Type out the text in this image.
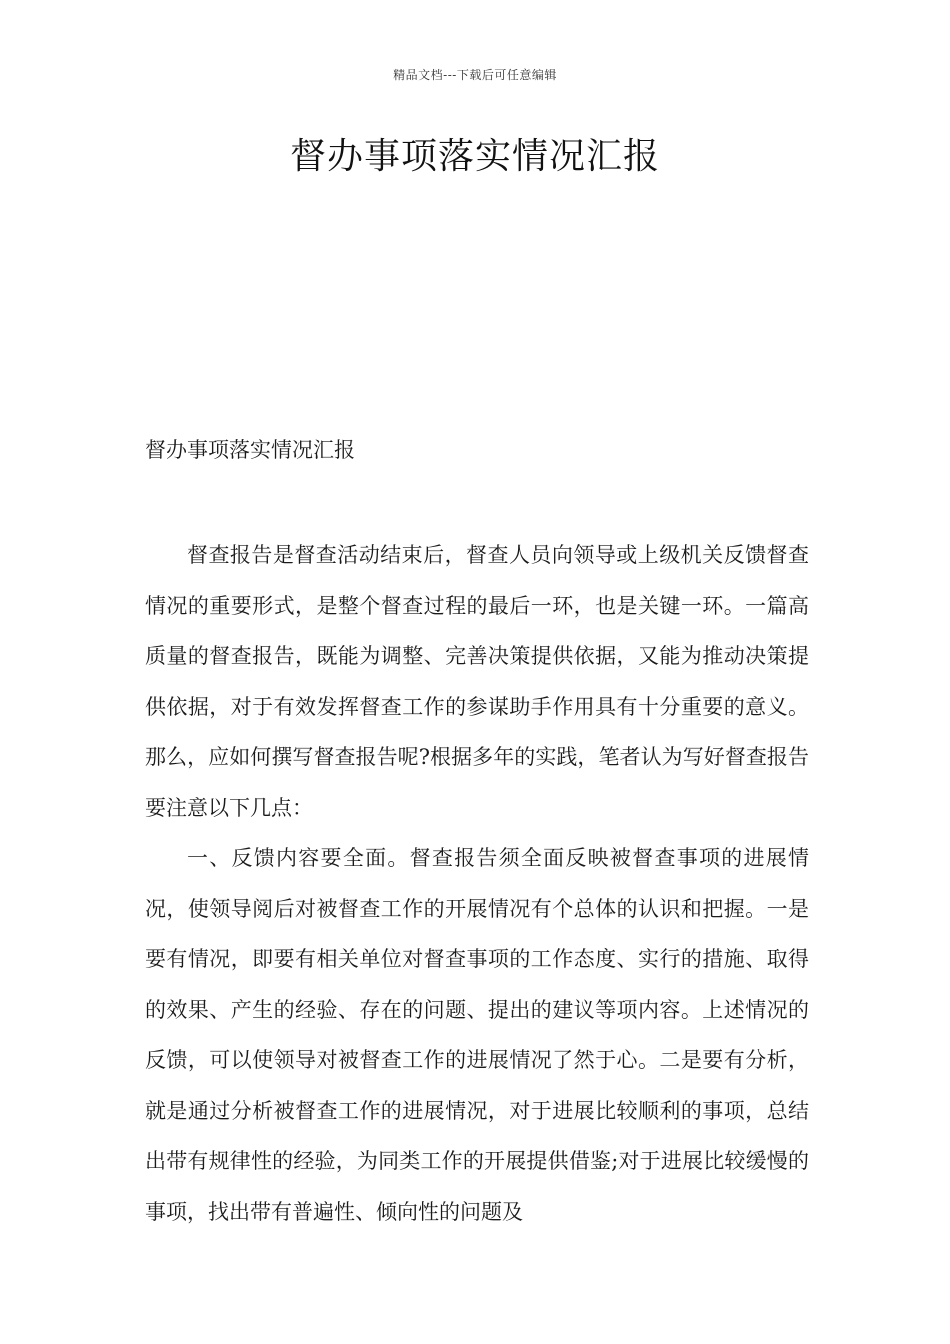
精品文档---下载后可任意编辑
督办事项落实情况汇报
督办事项落实情况汇报

督查报告是督查活动结束后，督查人员向领导或上级机关反馈督查情况的重要形式，是整个督查过程的最后一环，也是关键一环。一篇高质量的督查报告，既能为调整、完善决策提供依据，又能为推动决策提供依据，对于有效发挥督查工作的参谋助手作用具有十分重要的意义。那么，应如何撰写督查报告呢?根据多年的实践，笔者认为写好督查报告要注意以下几点：

一、反馈内容要全面。督查报告须全面反映被督查事项的进展情况，使领导阅后对被督查工作的开展情况有个总体的认识和把握。一是要有情况，即要有相关单位对督查事项的工作态度、实行的措施、取得的效果、产生的经验、存在的问题、提出的建议等项内容。上述情况的反馈，可以使领导对被督查工作的进展情况了然于心。二是要有分析，就是通过分析被督查工作的进展情况，对于进展比较顺利的事项，总结出带有规律性的经验，为同类工作的开展提供借鉴;对于进展比较缓慢的事项，找出带有普遍性、倾向性的问题及
